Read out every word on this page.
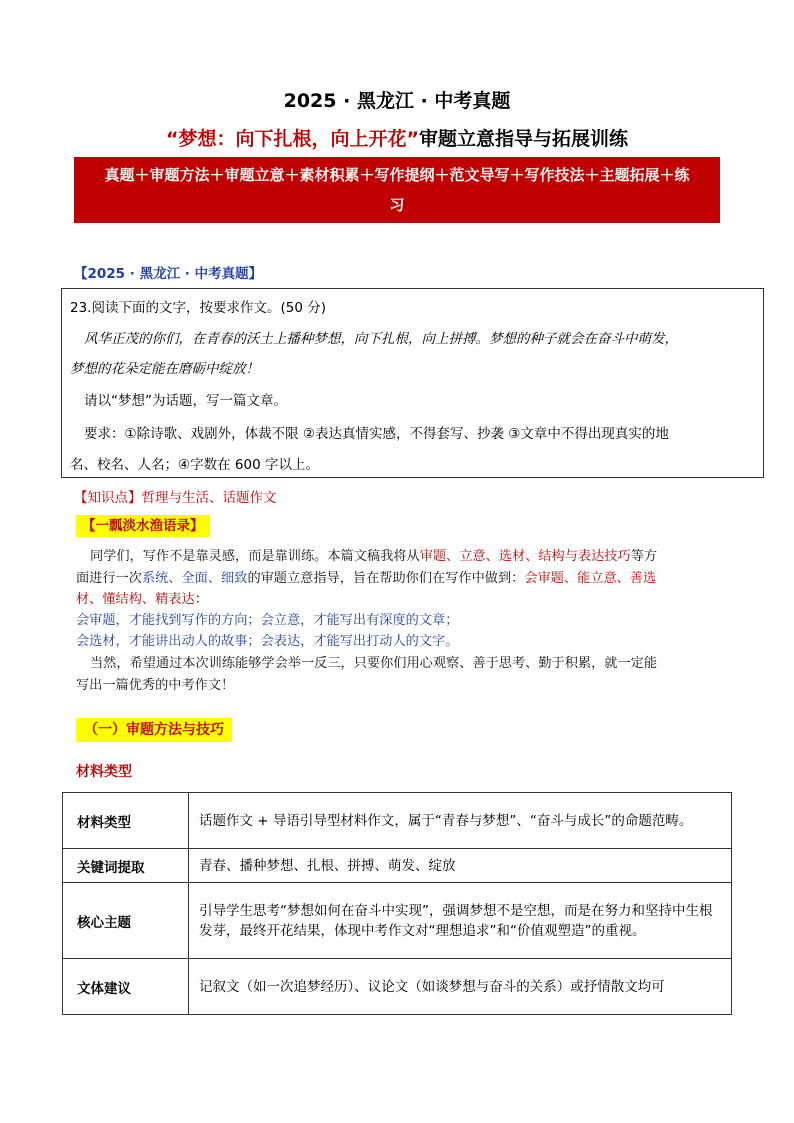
2025 · 黑龙江 · 中考真题
“梦想：向下扎根，向上开花”审题立意指导与拓展训练
真题＋审题方法＋审题立意＋素材积累＋写作提纲＋范文导写＋写作技法＋主题拓展＋练
习
【2025 · 黑龙江 · 中考真题】
23.阅读下面的文字，按要求作文。(50 分)
风华正茂的你们，在青春的沃土上播种梦想，向下扎根，向上拼搏。梦想的种子就会在奋斗中萌发，
梦想的花朵定能在磨砺中绽放！
请以“梦想”为话题，写一篇文章。
要求：①除诗歌、戏剧外，体裁不限 ②表达真情实感，不得套写、抄袭 ③文章中不得出现真实的地
名、校名、人名；④字数在 600 字以上。
【知识点】哲理与生活、话题作文
【一瓢淡水渔语录】
同学们，写作不是靠灵感，而是靠训练。本篇文稿我将从审题、立意、选材、结构与表达技巧等方
面进行一次系统、全面、细致的审题立意指导，旨在帮助你们在写作中做到：会审题、能立意、善选
材、懂结构、精表达：
会审题，才能找到写作的方向；会立意，才能写出有深度的文章；
会选材，才能讲出动人的故事；会表达，才能写出打动人的文字。
当然，希望通过本次训练能够学会举一反三，只要你们用心观察、善于思考、勤于积累，就一定能
写出一篇优秀的中考作文！
（一）审题方法与技巧
材料类型
材料类型	话题作文 + 导语引导型材料作文，属于“青春与梦想”、“奋斗与成长”的命题范畴。
关键词提取	青春、播种梦想、扎根、拼搏、萌发、绽放
核心主题	引导学生思考“梦想如何在奋斗中实现”，强调梦想不是空想，而是在努力和坚持中生根发芽，最终开花结果，体现中考作文对“理想追求”和“价值观塑造”的重视。
文体建议	记叙文（如一次追梦经历）、议论文（如谈梦想与奋斗的关系）或抒情散文均可
